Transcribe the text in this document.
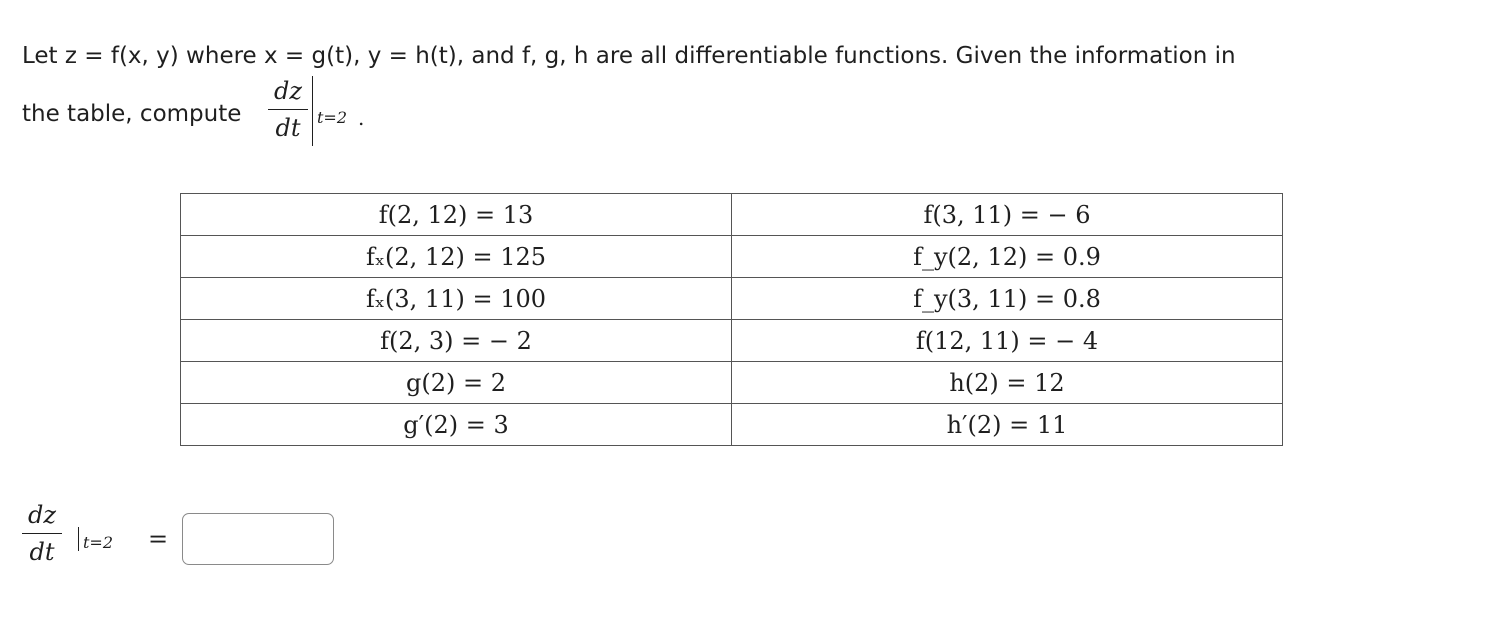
Let z = f(x, y) where x = g(t), y = h(t), and f, g, h are all differentiable functions. Given the information in
the table, compute
dz
dt	t=2 .
f(2, 12) = 13	f(3, 11) = − 6
fₓ(2, 12) = 125	f_y(2, 12) = 0.9
fₓ(3, 11) = 100	f_y(3, 11) = 0.8
f(2, 3) = − 2	f(12, 11) = − 4
g(2) = 2	h(2) = 12
g′(2) = 3	h′(2) = 11
dz
dt	t=2 =
